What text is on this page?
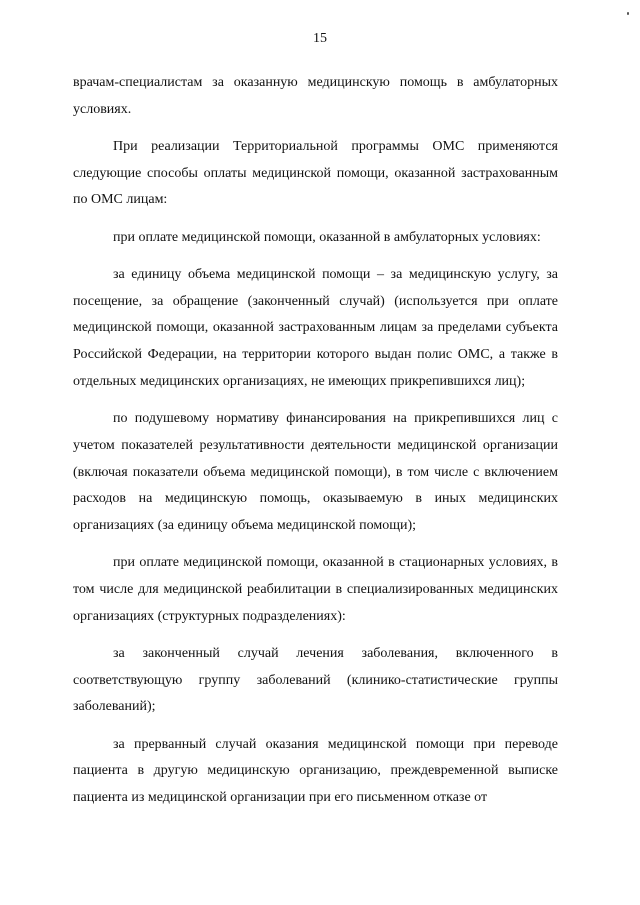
15

врачам-специалистам за оказанную медицинскую помощь в амбулаторных условиях.

При реализации Территориальной программы ОМС применяются следующие способы оплаты медицинской помощи, оказанной застрахованным по ОМС лицам:

при оплате медицинской помощи, оказанной в амбулаторных условиях:

за единицу объема медицинской помощи – за медицинскую услугу, за посещение, за обращение (законченный случай) (используется при оплате медицинской помощи, оказанной застрахованным лицам за пределами субъекта Российской Федерации, на территории которого выдан полис ОМС, а также в отдельных медицинских организациях, не имеющих прикрепившихся лиц);

по подушевому нормативу финансирования на прикрепившихся лиц с учетом показателей результативности деятельности медицинской организации (включая показатели объема медицинской помощи), в том числе с включением расходов на медицинскую помощь, оказываемую в иных медицинских организациях (за единицу объема медицинской помощи);

при оплате медицинской помощи, оказанной в стационарных условиях, в том числе для медицинской реабилитации в специализированных медицинских организациях (структурных подразделениях):

за законченный случай лечения заболевания, включенного в соответствующую группу заболеваний (клинико-статистические группы заболеваний);

за прерванный случай оказания медицинской помощи при переводе пациента в другую медицинскую организацию, преждевременной выписке пациента из медицинской организации при его письменном отказе от
